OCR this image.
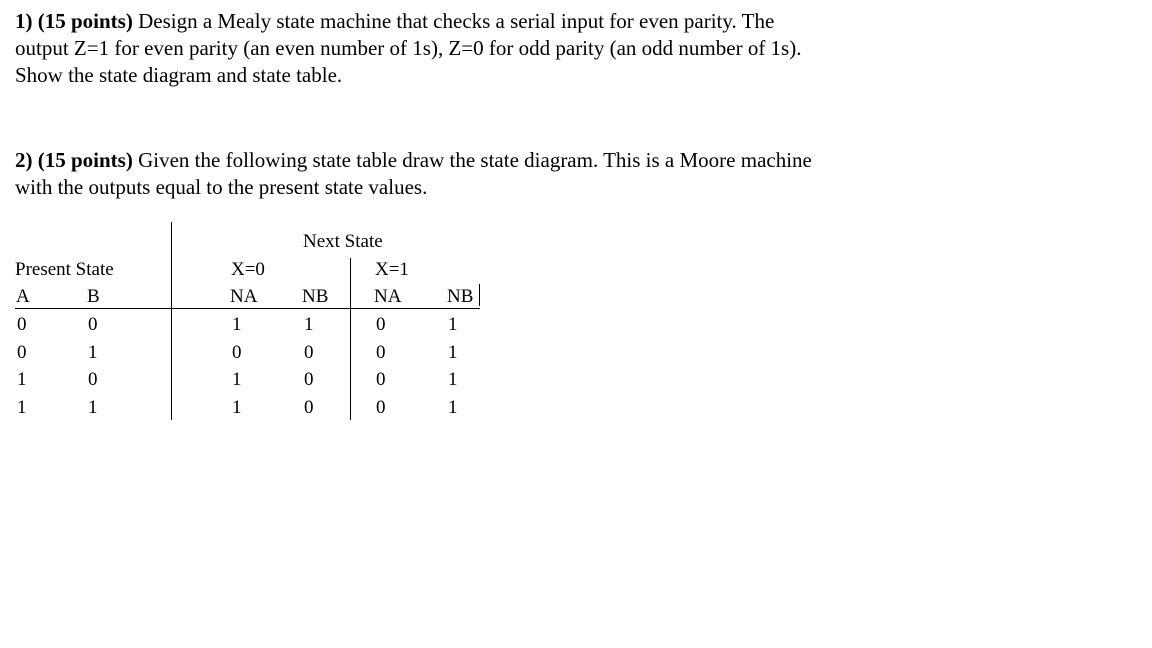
1) (15 points) Design a Mealy state machine that checks a serial input for even parity. The
output Z=1 for even parity (an even number of 1s), Z=0 for odd parity (an odd number of 1s).
Show the state diagram and state table.
2) (15 points) Given the following state table draw the state diagram. This is a Moore machine
with the outputs equal to the present state values.
Next State
Present State	X=0	X=1
A	B	NA NB NA NB
0	0	1	1	0	1
0	1	0	0	0	1
1	0	1	0	0	1
1	1	1	0	0	1
